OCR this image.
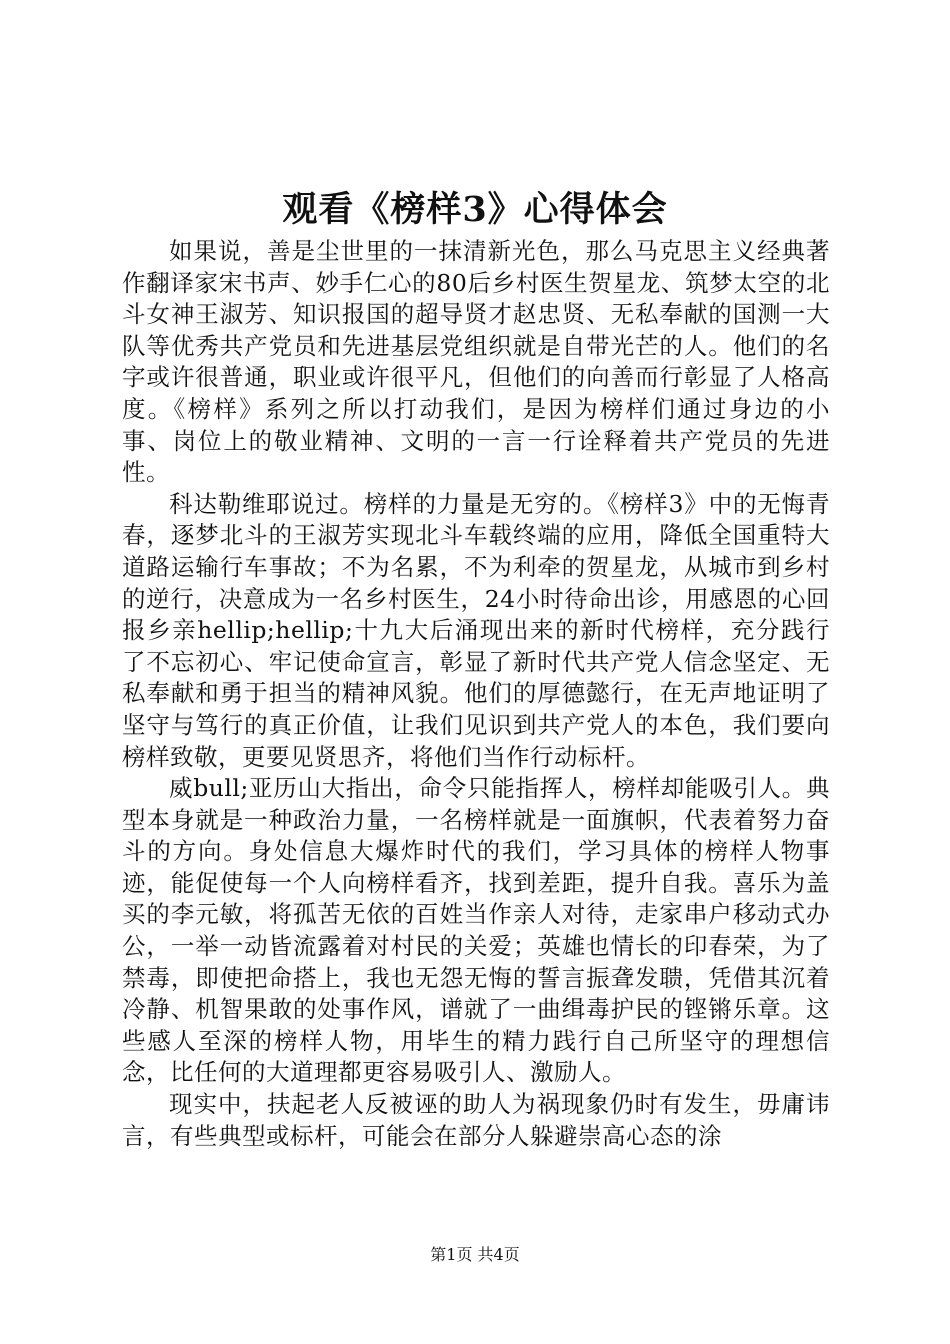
观看《榜样3》心得体会

如果说，善是尘世里的一抹清新光色，那么马克思主义经典著作翻译家宋书声、妙手仁心的80后乡村医生贺星龙、筑梦太空的北斗女神王淑芳、知识报国的超导贤才赵忠贤、无私奉献的国测一大队等优秀共产党员和先进基层党组织就是自带光芒的人。他们的名字或许很普通，职业或许很平凡，但他们的向善而行彰显了人格高度。《榜样》系列之所以打动我们，是因为榜样们通过身边的小事、岗位上的敬业精神、文明的一言一行诠释着共产党员的先进性。

科达勒维耶说过。榜样的力量是无穷的。《榜样3》中的无悔青春，逐梦北斗的王淑芳实现北斗车载终端的应用，降低全国重特大道路运输行车事故；不为名累，不为利牵的贺星龙，从城市到乡村的逆行，决意成为一名乡村医生，24小时待命出诊，用感恩的心回报乡亲hellip;hellip;十九大后涌现出来的新时代榜样，充分践行了不忘初心、牢记使命宣言，彰显了新时代共产党人信念坚定、无私奉献和勇于担当的精神风貌。他们的厚德懿行，在无声地证明了坚守与笃行的真正价值，让我们见识到共产党人的本色，我们要向榜样致敬，更要见贤思齐，将他们当作行动标杆。

威bull;亚历山大指出，命令只能指挥人，榜样却能吸引人。典型本身就是一种政治力量，一名榜样就是一面旗帜，代表着努力奋斗的方向。身处信息大爆炸时代的我们，学习具体的榜样人物事迹，能促使每一个人向榜样看齐，找到差距，提升自我。喜乐为盖买的李元敏，将孤苦无依的百姓当作亲人对待，走家串户移动式办公，一举一动皆流露着对村民的关爱；英雄也情长的印春荣，为了禁毒，即使把命搭上，我也无怨无悔的誓言振聋发聩，凭借其沉着冷静、机智果敢的处事作风，谱就了一曲缉毒护民的铿锵乐章。这些感人至深的榜样人物，用毕生的精力践行自己所坚守的理想信念，比任何的大道理都更容易吸引人、激励人。

现实中，扶起老人反被诬的助人为祸现象仍时有发生，毋庸讳言，有些典型或标杆，可能会在部分人躲避崇高心态的涂

第1页 共4页
